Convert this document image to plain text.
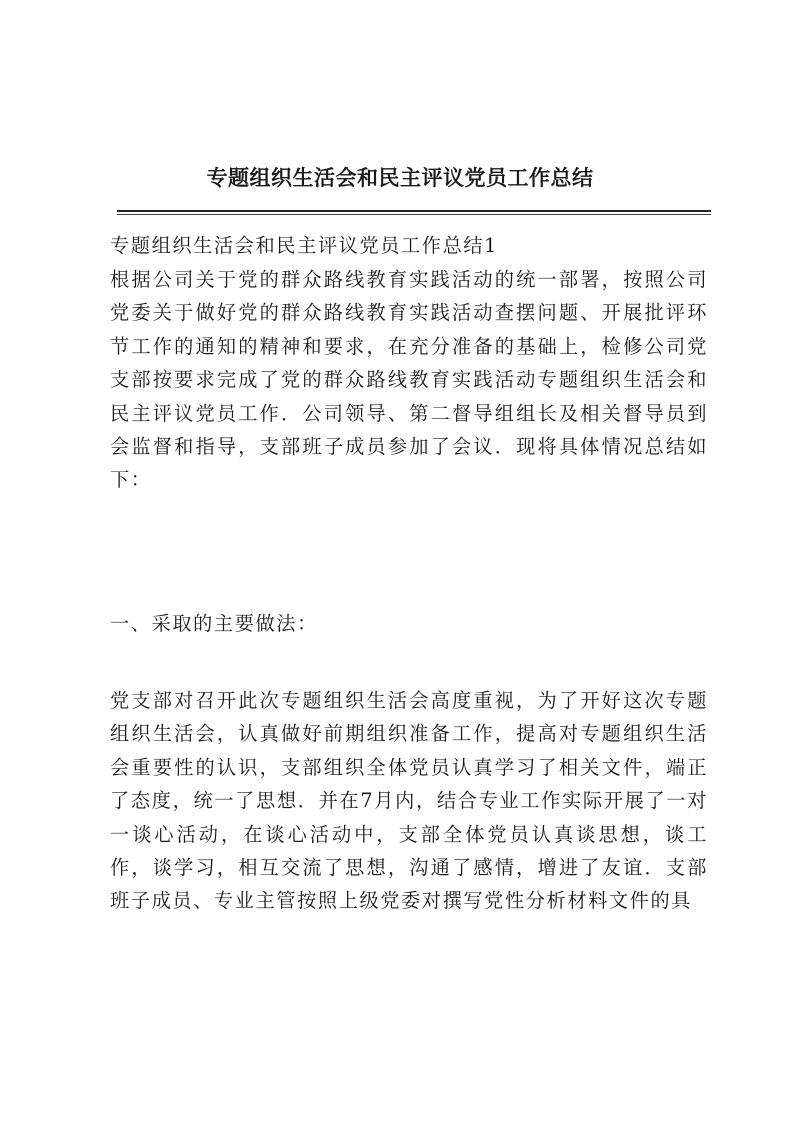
专题组织生活会和民主评议党员工作总结

专题组织生活会和民主评议党员工作总结1

根据公司关于党的群众路线教育实践活动的统一部署，按照公司党委关于做好党的群众路线教育实践活动查摆问题、开展批评环节工作的通知的精神和要求，在充分准备的基础上，检修公司党支部按要求完成了党的群众路线教育实践活动专题组织生活会和民主评议党员工作．公司领导、第二督导组组长及相关督导员到会监督和指导，支部班子成员参加了会议．现将具体情况总结如下：

一、采取的主要做法：

党支部对召开此次专题组织生活会高度重视，为了开好这次专题组织生活会，认真做好前期组织准备工作，提高对专题组织生活会重要性的认识，支部组织全体党员认真学习了相关文件，端正了态度，统一了思想．并在7月内，结合专业工作实际开展了一对一谈心活动，在谈心活动中，支部全体党员认真谈思想，谈工作，谈学习，相互交流了思想，沟通了感情，增进了友谊．支部班子成员、专业主管按照上级党委对撰写党性分析材料文件的具
